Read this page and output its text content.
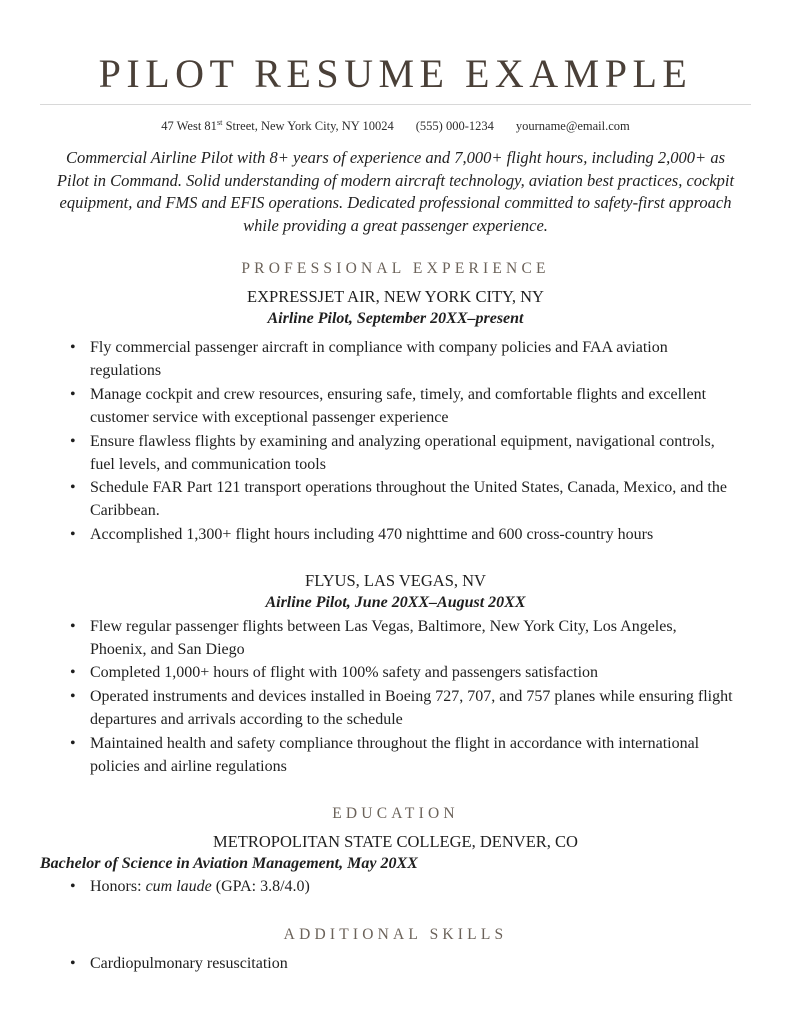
PILOT RESUME EXAMPLE

47 West 81st Street, New York City, NY 10024 (555) 000-1234 yourname@email.com

Commercial Airline Pilot with 8+ years of experience and 7,000+ flight hours, including 2,000+ as Pilot in Command. Solid understanding of modern aircraft technology, aviation best practices, cockpit equipment, and FMS and EFIS operations. Dedicated professional committed to safety-first approach while providing a great passenger experience.

PROFESSIONAL EXPERIENCE

EXPRESSJET AIR, NEW YORK CITY, NY

Airline Pilot, September 20XX–present

• Fly commercial passenger aircraft in compliance with company policies and FAA aviation regulations
• Manage cockpit and crew resources, ensuring safe, timely, and comfortable flights and excellent customer service with exceptional passenger experience
• Ensure flawless flights by examining and analyzing operational equipment, navigational controls, fuel levels, and communication tools
• Schedule FAR Part 121 transport operations throughout the United States, Canada, Mexico, and the Caribbean.
• Accomplished 1,300+ flight hours including 470 nighttime and 600 cross-country hours

FLYUS, LAS VEGAS, NV

Airline Pilot, June 20XX–August 20XX

• Flew regular passenger flights between Las Vegas, Baltimore, New York City, Los Angeles, Phoenix, and San Diego
• Completed 1,000+ hours of flight with 100% safety and passengers satisfaction
• Operated instruments and devices installed in Boeing 727, 707, and 757 planes while ensuring flight departures and arrivals according to the schedule
• Maintained health and safety compliance throughout the flight in accordance with international policies and airline regulations
EDUCATION

METROPOLITAN STATE COLLEGE, DENVER, CO

Bachelor of Science in Aviation Management, May 20XX

• Honors: cum laude (GPA: 3.8/4.0)
ADDITIONAL SKILLS
• Cardiopulmonary resuscitation
